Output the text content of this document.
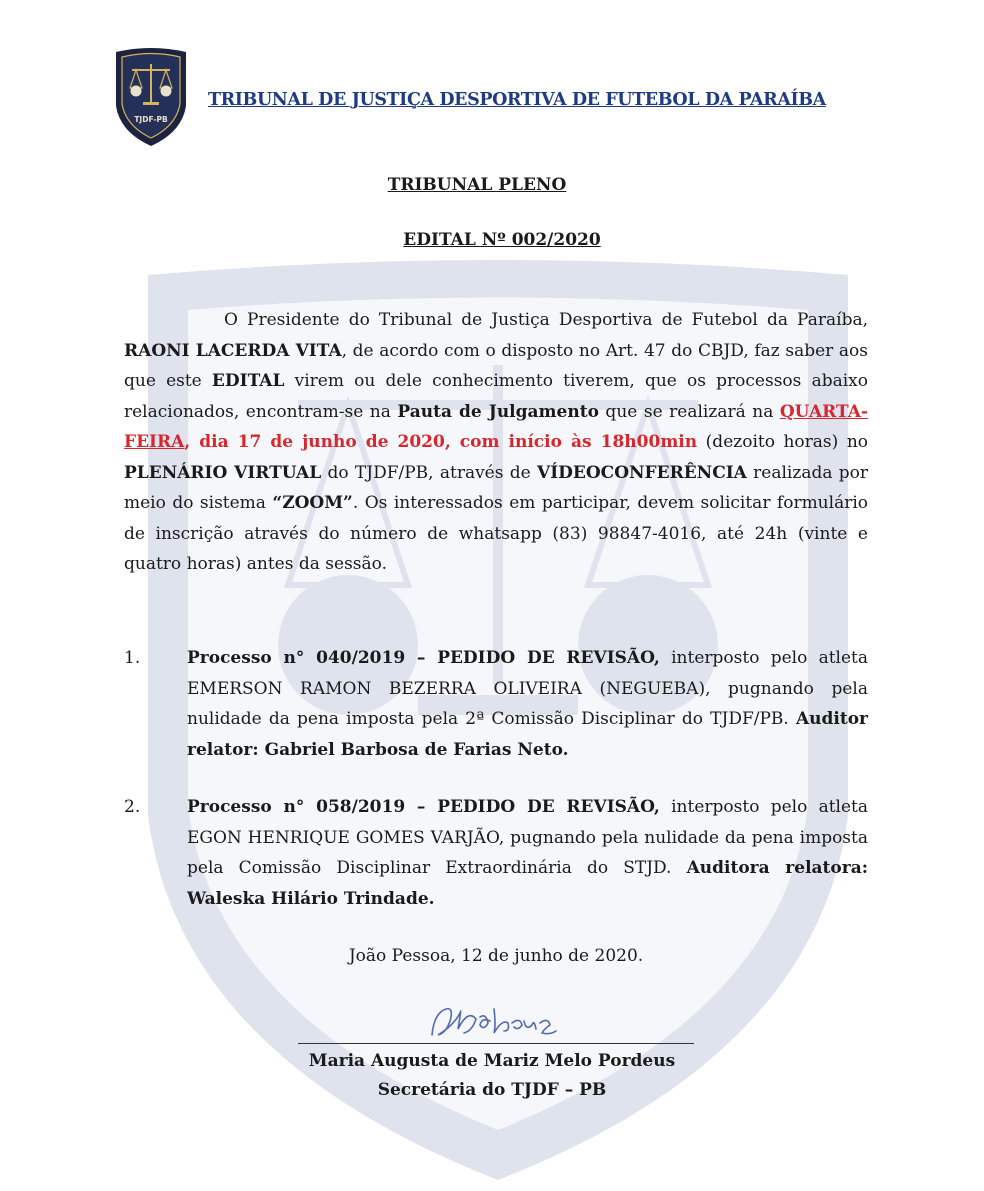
TJDF-PB
TRIBUNAL DE JUSTIÇA DESPORTIVA DE FUTEBOL DA PARAÍBA
TRIBUNAL PLENO
EDITAL Nº 002/2020
O Presidente do Tribunal de Justiça Desportiva de Futebol da Paraíba, RAONI LACERDA VITA, de acordo com o disposto no Art. 47 do CBJD, faz saber aos que este EDITAL virem ou dele conhecimento tiverem, que os processos abaixo relacionados, encontram-se na Pauta de Julgamento que se realizará na QUARTA-FEIRA, dia 17 de junho de 2020, com início às 18h00min (dezoito horas) no PLENÁRIO VIRTUAL do TJDF/PB, através de VÍDEOCONFERÊNCIA realizada por meio do sistema “ZOOM”. Os interessados em participar, devem solicitar formulário de inscrição através do número de whatsapp (83) 98847-4016, até 24h (vinte e quatro horas) antes da sessão.
1.	Processo n° 040/2019 – PEDIDO DE REVISÃO, interposto pelo atleta EMERSON RAMON BEZERRA OLIVEIRA (NEGUEBA), pugnando pela nulidade da pena imposta pela 2ª Comissão Disciplinar do TJDF/PB. Auditor relator: Gabriel Barbosa de Farias Neto.
2.	Processo n° 058/2019 – PEDIDO DE REVISÃO, interposto pelo atleta EGON HENRIQUE GOMES VARJÃO, pugnando pela nulidade da pena imposta pela Comissão Disciplinar Extraordinária do STJD. Auditora relatora: Waleska Hilário Trindade.
João Pessoa, 12 de junho de 2020.
Maria Augusta de Mariz Melo Pordeus
Secretária do TJDF – PB
